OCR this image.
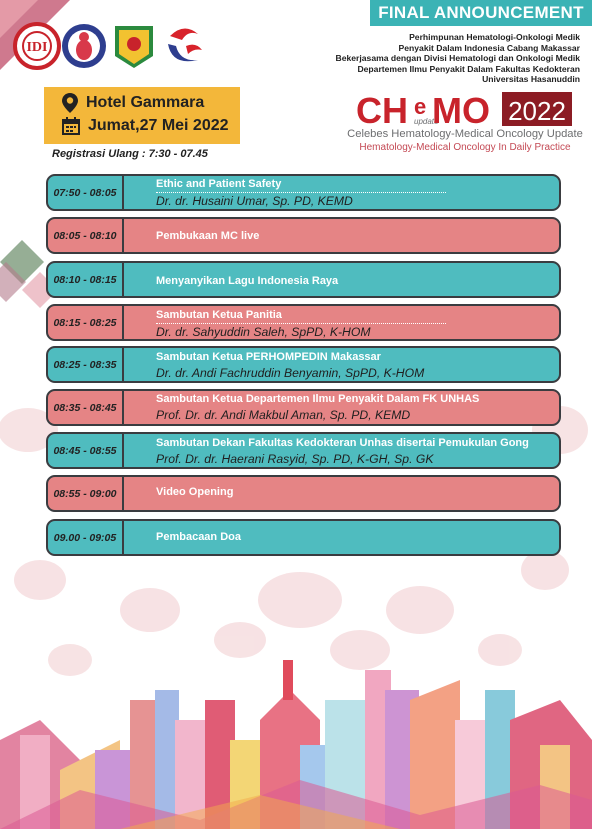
FINAL ANNOUNCEMENT
IDI
Perhimpunan Hematologi-Onkologi Medik
Penyakit Dalam Indonesia Cabang Makassar
Bekerjasama dengan Divisi Hematologi dan Onkologi Medik
Departemen Ilmu Penyakit Dalam Fakultas Kedokteran
Universitas Hasanuddin
CH e
update
MO 2022
Celebes Hematology-Medical Oncology Update
Hematology-Medical Oncology In Daily Practice
Hotel Gammara
Jumat,27 Mei 2022
Registrasi Ulang : 7:30 - 07.45
07:50 - 08:05
Ethic and Patient Safety
Dr. dr. Husaini Umar, Sp. PD, KEMD
08:05 - 08:10	Pembukaan MC live
08:10 - 08:15	Menyanyikan Lagu Indonesia Raya
08:15 - 08:25
Sambutan Ketua Panitia
Dr. dr. Sahyuddin Saleh, SpPD, K-HOM
08:25 - 08:35
Sambutan Ketua PERHOMPEDIN Makassar
Dr. dr. Andi Fachruddin Benyamin, SpPD, K-HOM
08:35 - 08:45
Sambutan Ketua Departemen Ilmu Penyakit Dalam FK UNHAS
Prof. Dr. dr. Andi Makbul Aman, Sp. PD, KEMD
08:45 - 08:55
Sambutan Dekan Fakultas Kedokteran Unhas disertai Pemukulan Gong
Prof. Dr. dr. Haerani Rasyid, Sp. PD, K-GH, Sp. GK
08:55 - 09:00	Video Opening
09.00 - 09:05	Pembacaan Doa
